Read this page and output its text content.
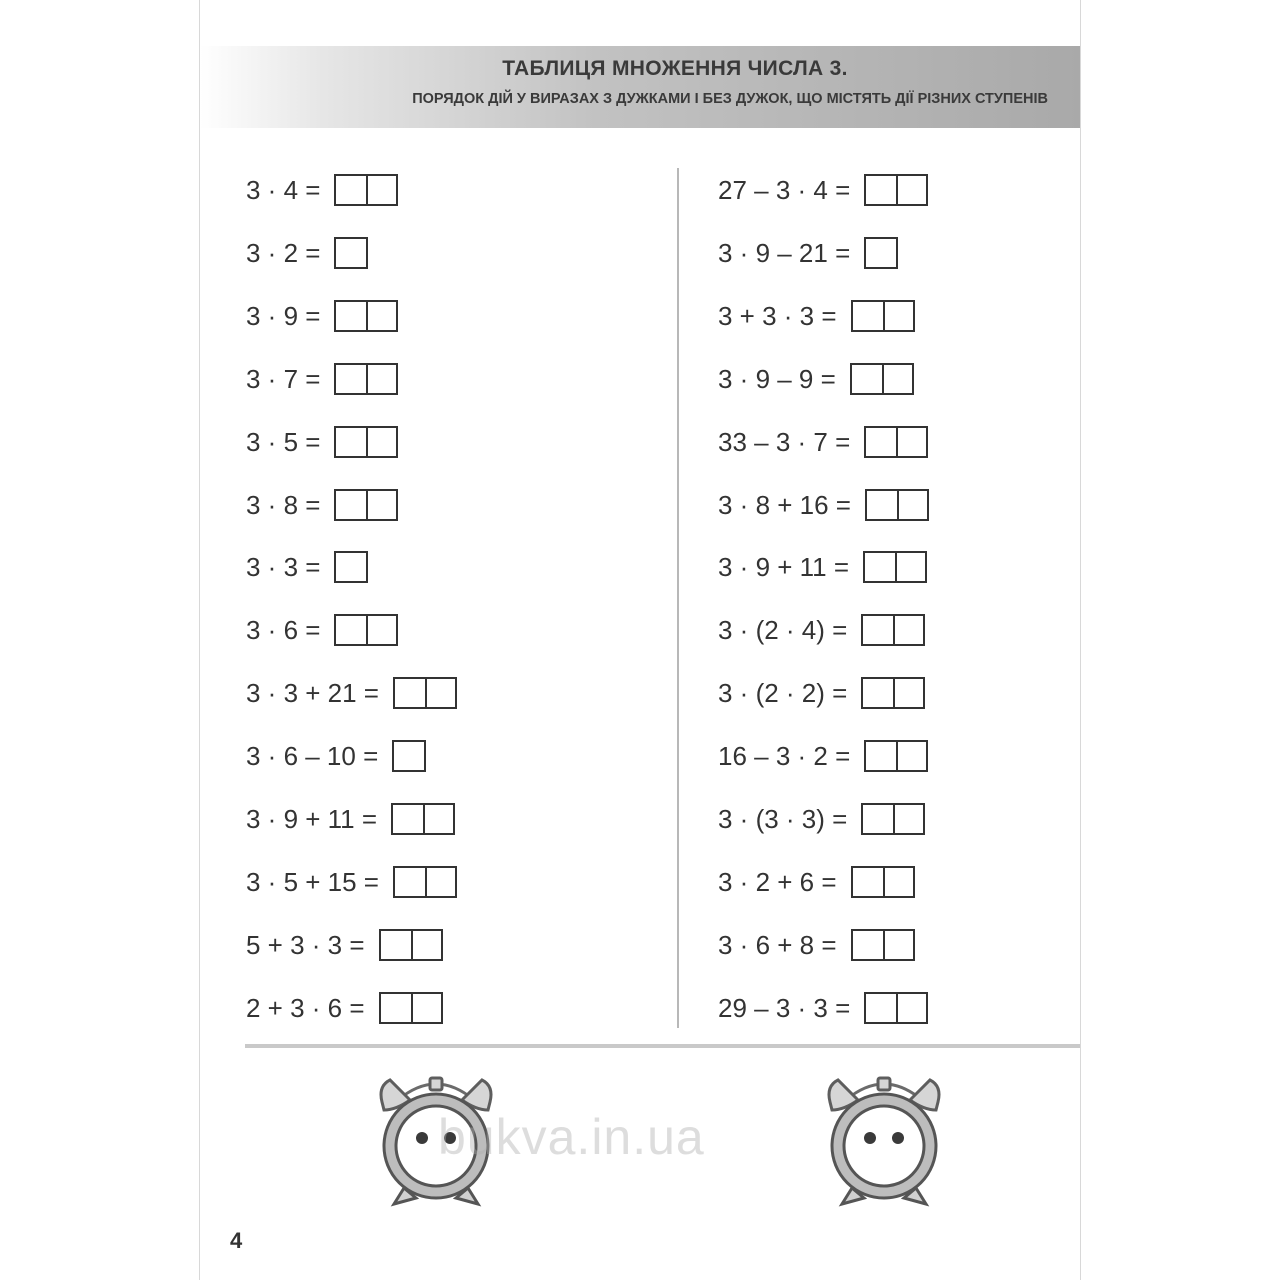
ТАБЛИЦЯ МНОЖЕННЯ ЧИСЛА 3.
ПОРЯДОК ДІЙ У ВИРАЗАХ З ДУЖКАМИ І БЕЗ ДУЖОК, ЩО МІСТЯТЬ ДІЇ РІЗНИХ СТУПЕНІВ
3 · 4 =
3 · 2 =
3 · 9 =
3 · 7 =
3 · 5 =
3 · 8 =
3 · 3 =
3 · 6 =
3 · 3 + 21 =
3 · 6 – 10 =
3 · 9 + 11 =
3 · 5 + 15 =
5 + 3 · 3 =
2 + 3 · 6 =
27 – 3 · 4 =
3 · 9 – 21 =
3 + 3 · 3 =
3 · 9 – 9 =
33 – 3 · 7 =
3 · 8 + 16 =
3 · 9 + 11 =
3 · (2 · 4) =
3 · (2 · 2) =
16 – 3 · 2 =
3 · (3 · 3) =
3 · 2 + 6 =
3 · 6 + 8 =
29 – 3 · 3 =
bukva.in.ua
4
